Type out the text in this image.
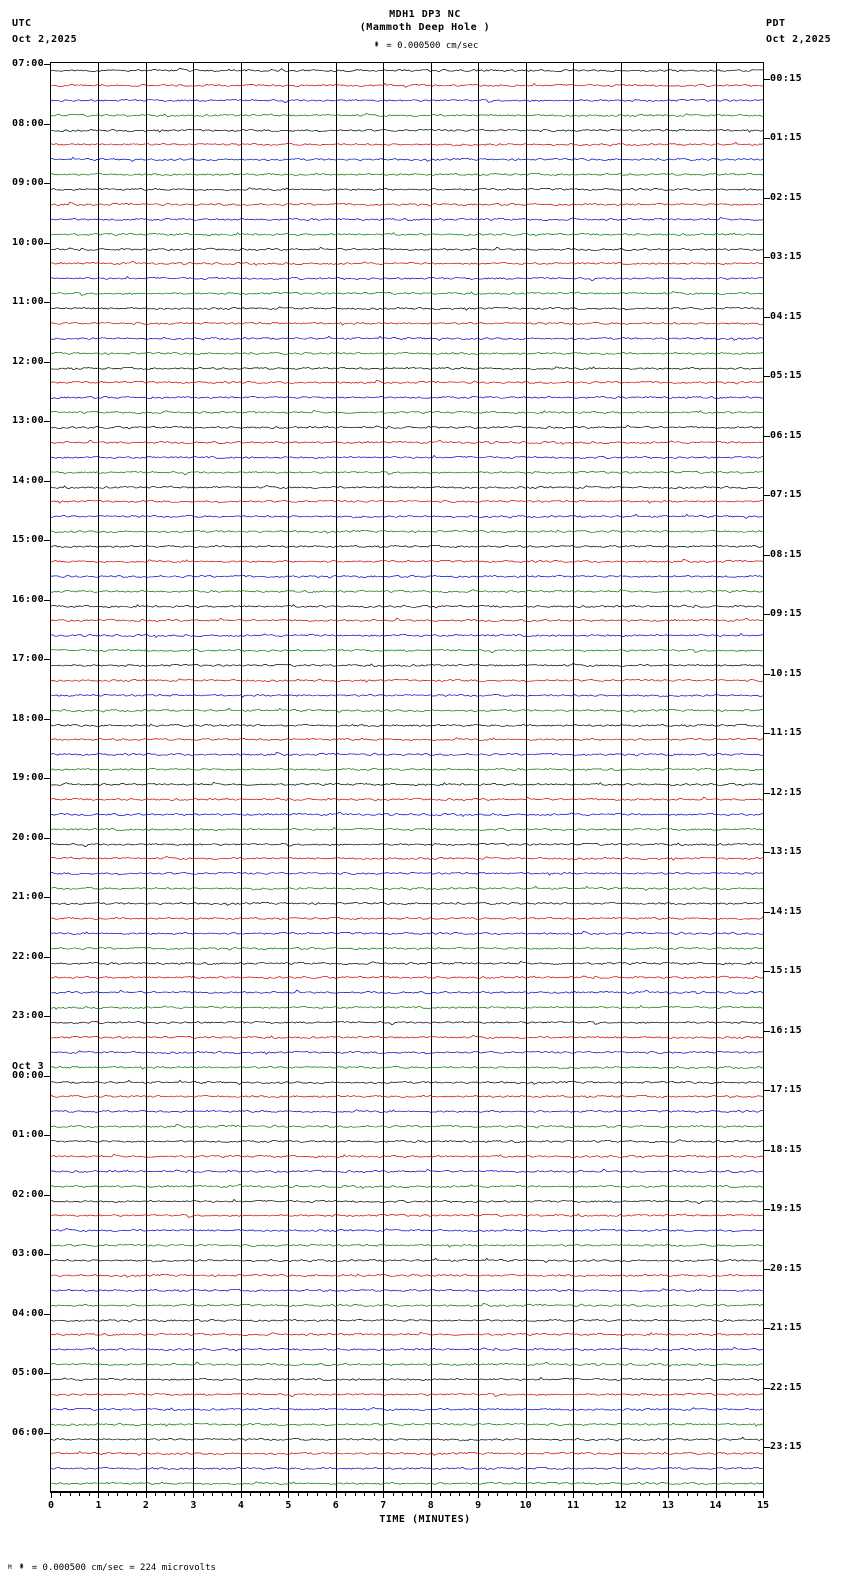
UTC
Oct 2,2025
PDT
Oct 2,2025
MDH1 DP3 NC
(Mammoth Deep Hole )
⁕ = 0.000500 cm/sec
TIME (MINUTES)
M ⁕ = 0.000500 cm/sec = 224 microvolts
0	1	2	3	4	5	6	7	8	9	10	11	12	13	14	15
07:00
00:15
08:00
01:15
09:00
02:15
10:00
03:15
11:00
04:15
12:00
05:15
13:00
06:15
14:00
07:15
15:00
08:15
16:00
09:15
17:00
10:15
18:00
11:15
19:00
12:15
20:00
13:15
21:00
14:15
22:00
15:15
23:00
16:15
Oct 3
00:00
17:15
01:00
18:15
02:00
19:15
03:00
20:15
04:00
21:15
05:00
22:15
06:00
23:15
